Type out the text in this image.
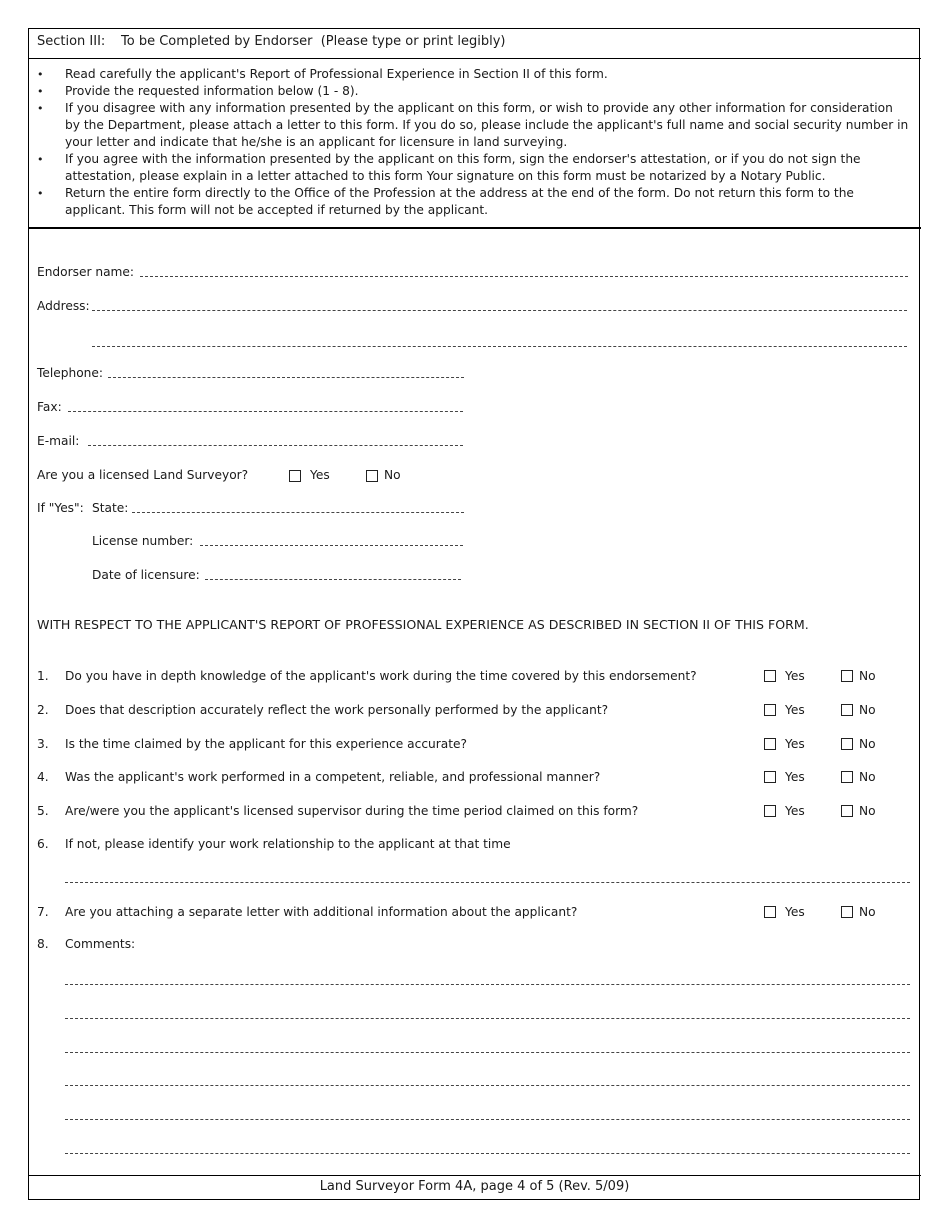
Section III: To be Completed by Endorser  (Please type or print legibly)
• Read carefully the applicant's Report of Professional Experience in Section II of this form.
• Provide the requested information below (1 - 8).
• If you disagree with any information presented by the applicant on this form, or wish to provide any other information for consideration by the Department, please attach a letter to this form. If you do so, please include the applicant's full name and social security number in your letter and indicate that he/she is an applicant for licensure in land surveying.
• If you agree with the information presented by the applicant on this form, sign the endorser's attestation, or if you do not sign the attestation, please explain in a letter attached to this form Your signature on this form must be notarized by a Notary Public.
• Return the entire form directly to the Office of the Profession at the address at the end of the form. Do not return this form to the applicant. This form will not be accepted if returned by the applicant.
Endorser name:
Address:
Telephone:
Fax:
E-mail:
Are you a licensed Land Surveyor?	Yes	No
If "Yes": State:
License number:
Date of licensure:
WITH RESPECT TO THE APPLICANT'S REPORT OF PROFESSIONAL EXPERIENCE AS DESCRIBED IN SECTION II OF THIS FORM.
1. Do you have in depth knowledge of the applicant's work during the time covered by this endorsement?	Yes	No
2. Does that description accurately reflect the work personally performed by the applicant?	Yes	No
3. Is the time claimed by the applicant for this experience accurate?	Yes	No
4. Was the applicant's work performed in a competent, reliable, and professional manner?	Yes	No
5. Are/were you the applicant's licensed supervisor during the time period claimed on this form?	Yes	No
6. If not, please identify your work relationship to the applicant at that time
7. Are you attaching a separate letter with additional information about the applicant?	Yes	No
8. Comments:
Land Surveyor Form 4A, page 4 of 5 (Rev. 5/09)
